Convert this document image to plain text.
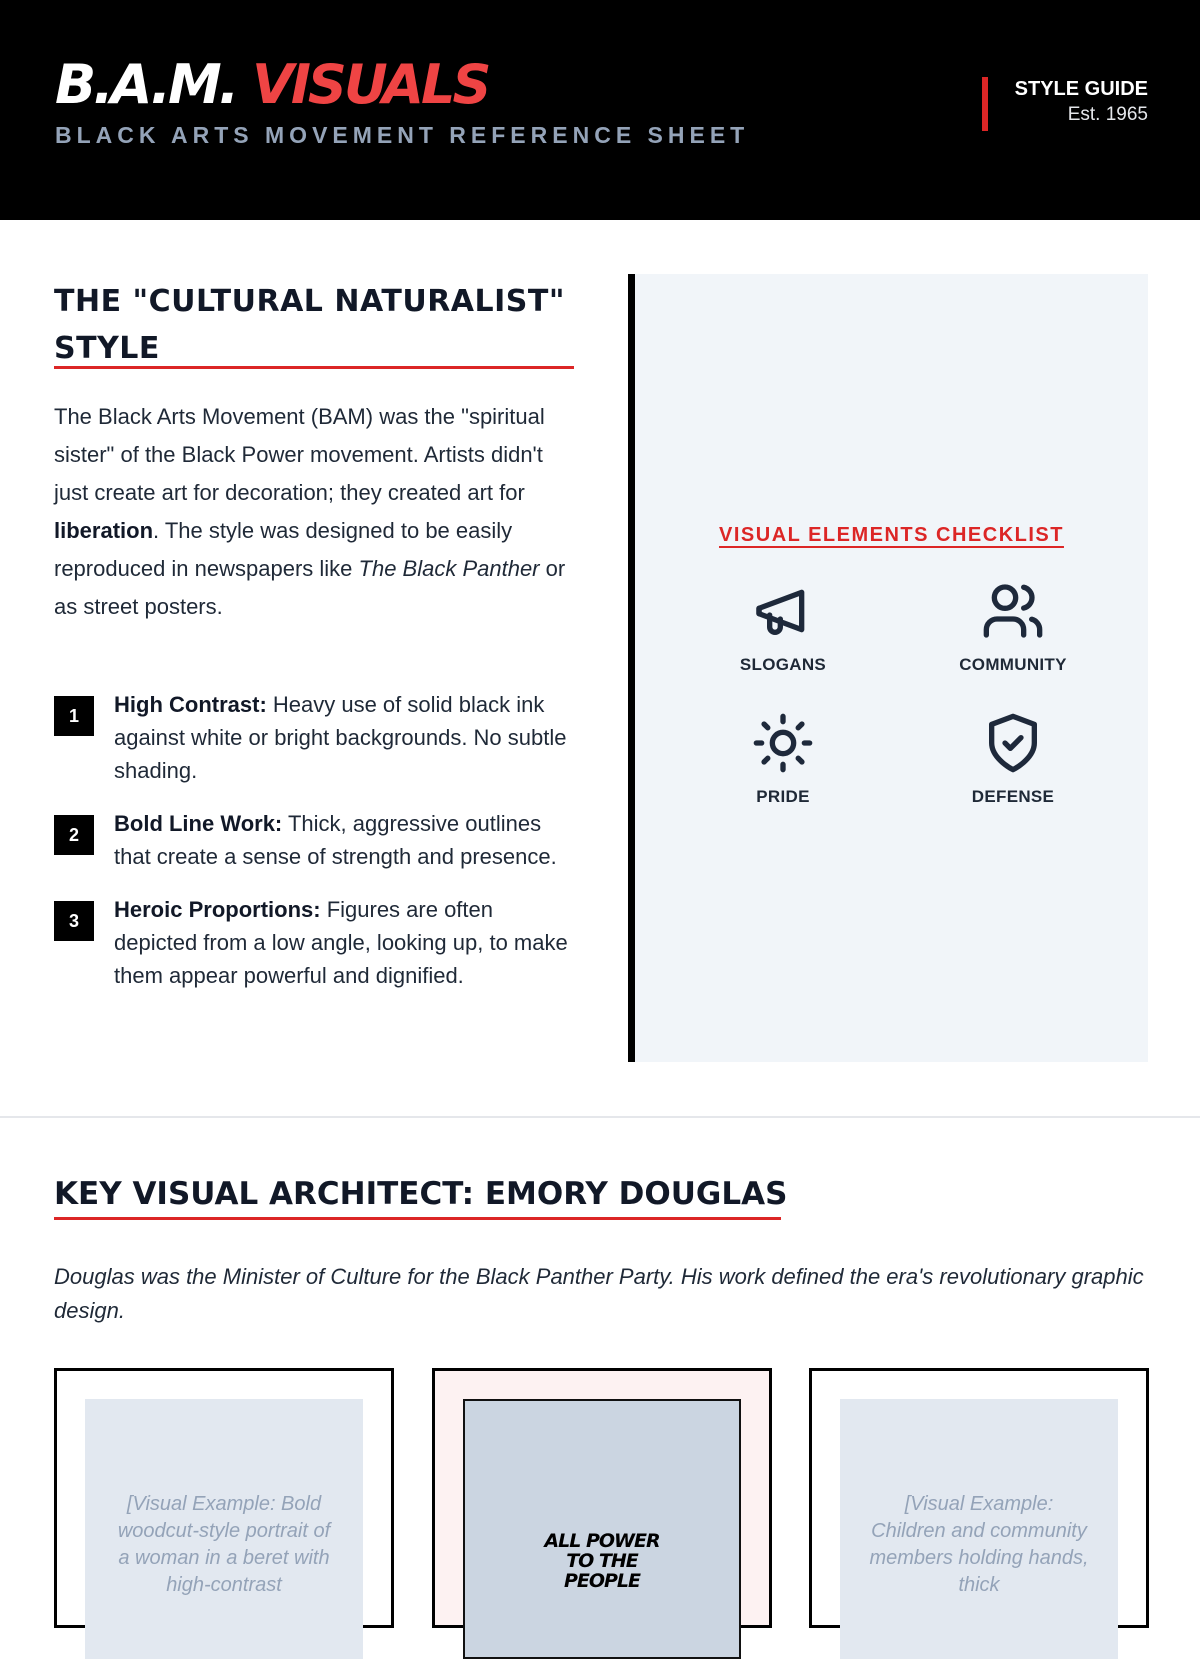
B.A.M. VISUALS
BLACK ARTS MOVEMENT REFERENCE SHEET
STYLE GUIDE
Est. 1965
THE "CULTURAL NATURALIST" STYLE

The Black Arts Movement (BAM) was the "spiritual sister" of the Black Power movement. Artists didn't just create art for decoration; they created art for liberation. The style was designed to be easily reproduced in newspapers like The Black Panther or as street posters.

1	High Contrast: Heavy use of solid black ink against white or bright backgrounds. No subtle shading.

2	Bold Line Work: Thick, aggressive outlines that create a sense of strength and presence.

3	Heroic Proportions: Figures are often depicted from a low angle, looking up, to make them appear powerful and dignified.

VISUAL ELEMENTS CHECKLIST
SLOGANS	COMMUNITY
PRIDE	DEFENSE
KEY VISUAL ARCHITECT: EMORY DOUGLAS

Douglas was the Minister of Culture for the Black Panther Party. His work defined the era's revolutionary graphic design.

[Visual Example: Bold woodcut-style portrait of a woman in a beret with high-contrast
ALL POWER
TO THE
PEOPLE
[Visual Example: Children and community members holding hands, thick
